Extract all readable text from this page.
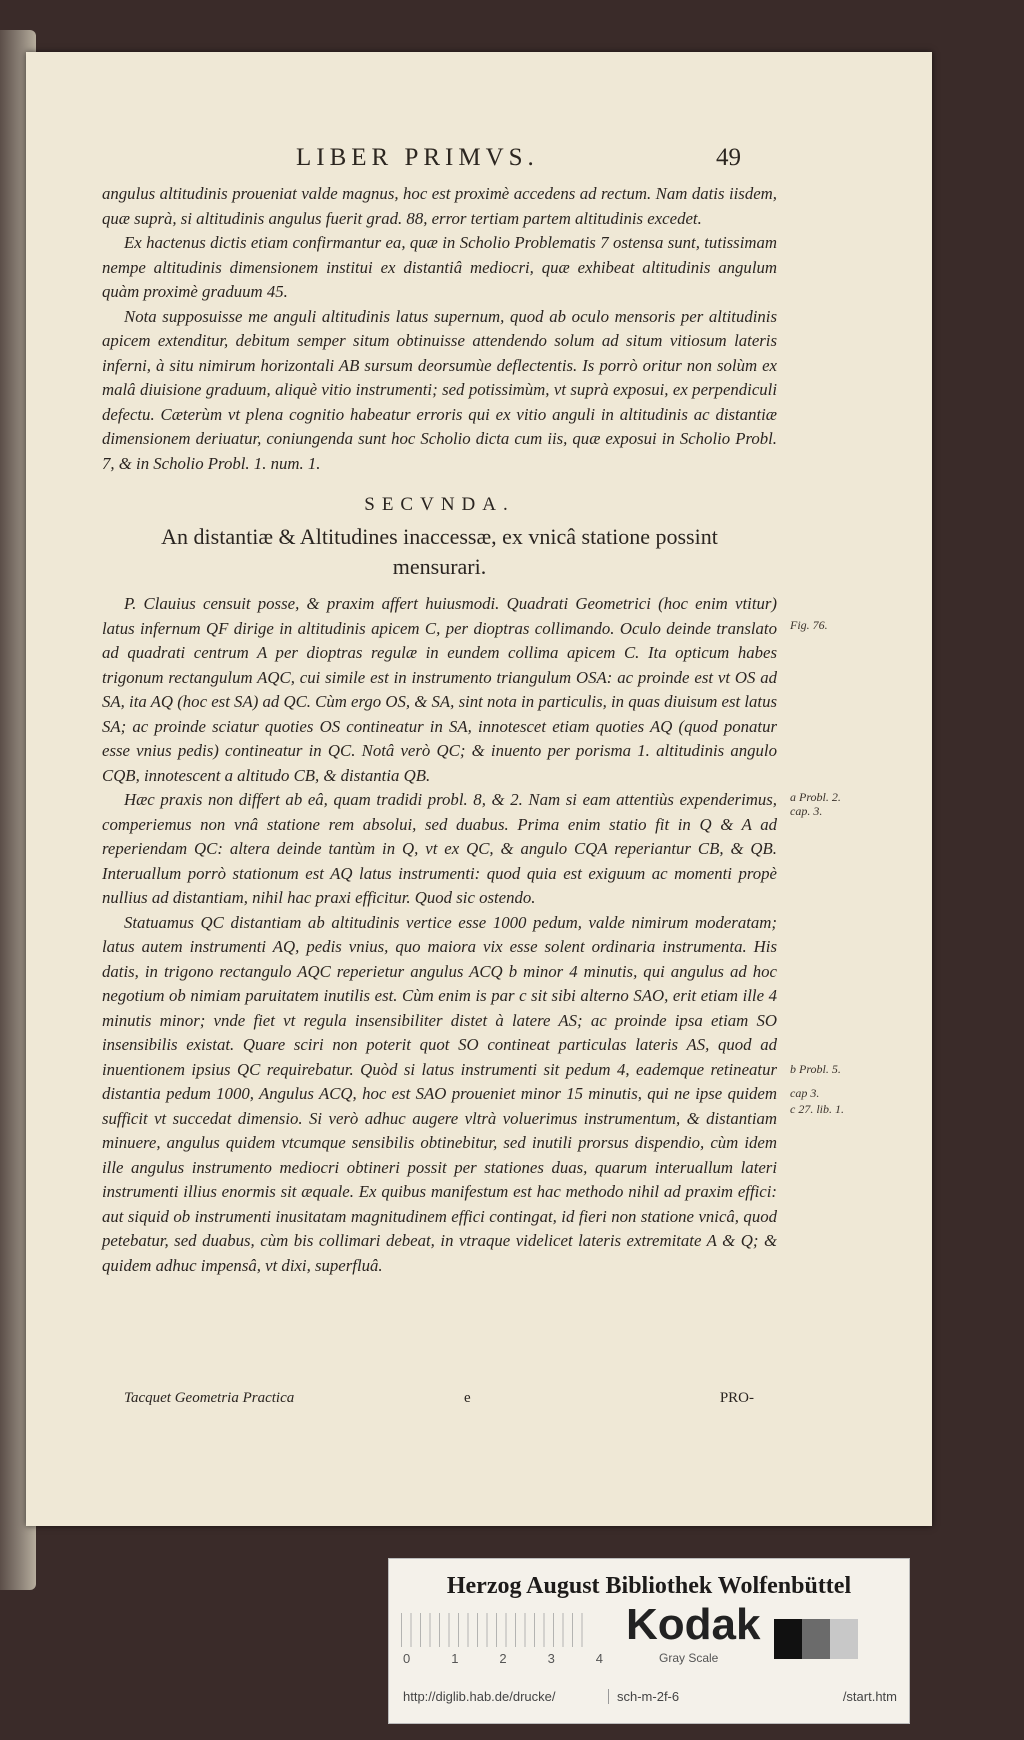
LIBER PRIMVS.	49

angulus altitudinis proueniat valde magnus, hoc est proximè accedens ad rectum. Nam datis iisdem, quæ suprà, si altitudinis angulus fuerit grad. 88, error tertiam partem altitudinis excedet.

Ex hactenus dictis etiam confirmantur ea, quæ in Scholio Problematis 7 ostensa sunt, tutissimam nempe altitudinis dimensionem institui ex distantiâ mediocri, quæ exhibeat altitudinis angulum quàm proximè graduum 45.

Nota supposuisse me anguli altitudinis latus supernum, quod ab oculo mensoris per altitudinis apicem extenditur, debitum semper situm obtinuisse attendendo solum ad situm vitiosum lateris inferni, à situ nimirum horizontali AB sursum deorsumùe deflectentis. Is porrò oritur non solùm ex malâ diuisione graduum, aliquè vitio instrumenti; sed potissimùm, vt suprà exposui, ex perpendiculi defectu. Cæterùm vt plena cognitio habeatur erroris qui ex vitio anguli in altitudinis ac distantiæ dimensionem deriuatur, coniungenda sunt hoc Scholio dicta cum iis, quæ exposui in Scholio Probl. 7, & in Scholio Probl. 1. num. 1.

SECVNDA.
An distantiæ & Altitudines inaccessæ, ex vnicâ statione possint mensurari.

P. Clauius censuit posse, & praxim affert huiusmodi. Quadrati Geometrici (hoc enim vtitur) latus infernum QF dirige in altitudinis apicem C, per dioptras collimando. Oculo deinde translato ad quadrati centrum A per dioptras regulæ in eundem collima apicem C. Ita opticum habes trigonum rectangulum AQC, cui simile est in instrumento triangulum OSA: ac proinde est vt OS ad SA, ita AQ (hoc est SA) ad QC. Cùm ergo OS, & SA, sint nota in particulis, in quas diuisum est latus SA; ac proinde sciatur quoties OS contineatur in SA, innotescet etiam quoties AQ (quod ponatur esse vnius pedis) contineatur in QC. Notâ verò QC; & inuento per porisma 1. altitudinis angulo CQB, innotescent a altitudo CB, & distantia QB.

Hæc praxis non differt ab eâ, quam tradidi probl. 8, & 2. Nam si eam attentiùs expenderimus, comperiemus non vnâ statione rem absolui, sed duabus. Prima enim statio fit in Q & A ad reperiendam QC: altera deinde tantùm in Q, vt ex QC, & angulo CQA reperiantur CB, & QB. Interuallum porrò stationum est AQ latus instrumenti: quod quia est exiguum ac momenti propè nullius ad distantiam, nihil hac praxi efficitur. Quod sic ostendo.

Statuamus QC distantiam ab altitudinis vertice esse 1000 pedum, valde nimirum moderatam; latus autem instrumenti AQ, pedis vnius, quo maiora vix esse solent ordinaria instrumenta. His datis, in trigono rectangulo AQC reperietur angulus ACQ b minor 4 minutis, qui angulus ad hoc negotium ob nimiam paruitatem inutilis est. Cùm enim is par c sit sibi alterno SAO, erit etiam ille 4 minutis minor; vnde fiet vt regula insensibiliter distet à latere AS; ac proinde ipsa etiam SO insensibilis existat. Quare sciri non poterit quot SO contineat particulas lateris AS, quod ad inuentionem ipsius QC requirebatur. Quòd si latus instrumenti sit pedum 4, eademque retineatur distantia pedum 1000, Angulus ACQ, hoc est SAO proueniet minor 15 minutis, qui ne ipse quidem sufficit vt succedat dimensio. Si verò adhuc augere vltrà voluerimus instrumentum, & distantiam minuere, angulus quidem vtcumque sensibilis obtinebitur, sed inutili prorsus dispendio, cùm idem ille angulus instrumento mediocri obtineri possit per stationes duas, quarum interuallum lateri instrumenti illius enormis sit æquale. Ex quibus manifestum est hac methodo nihil ad praxim effici: aut siquid ob instrumenti inusitatam magnitudinem effici contingat, id fieri non statione vnicâ, quod petebatur, sed duabus, cùm bis collimari debeat, in vtraque videlicet lateris extremitate A & Q; & quidem adhuc impensâ, vt dixi, superfluâ.

Fig. 76.
a Probl. 2. cap. 3.
b Probl. 5.
cap 3.
c 27. lib. 1.
Tacquet Geometria Practica	e	PRO-
Herzog August Bibliothek Wolfenbüttel
0	1	2	3	4
Kodak
Gray Scale
http://diglib.hab.de/drucke/	sch-m-2f-6	/start.htm
